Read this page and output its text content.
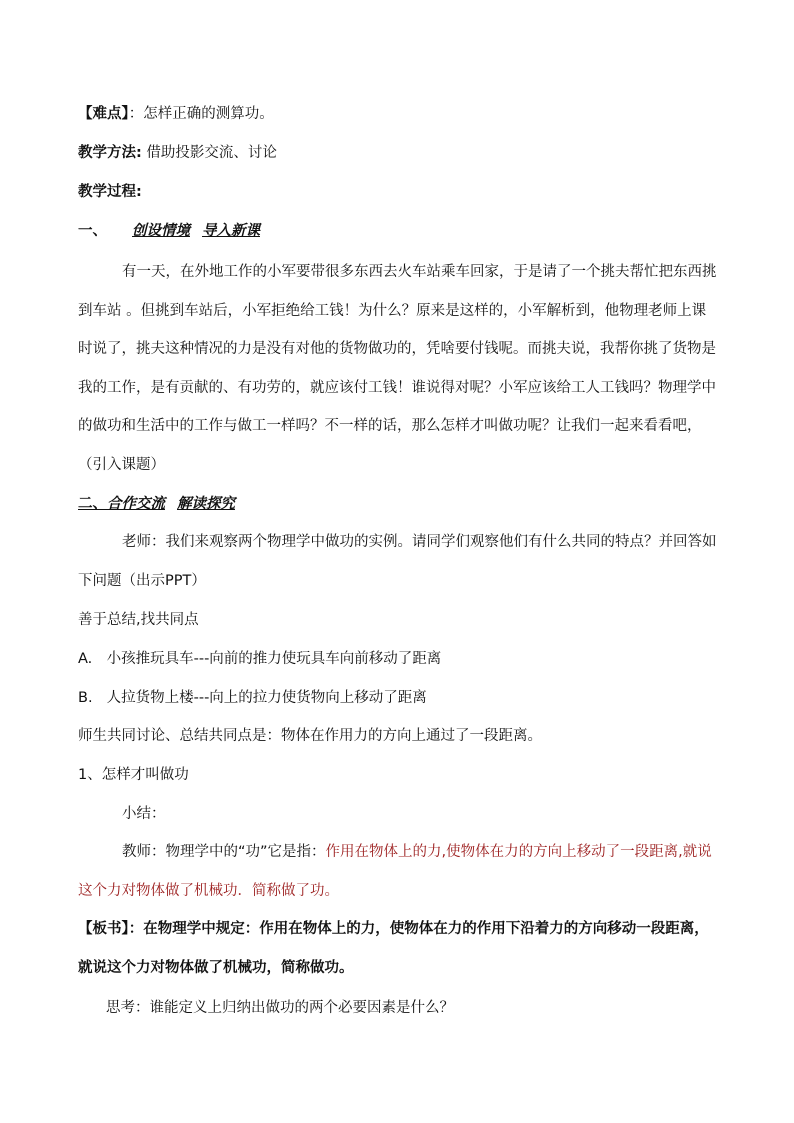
【难点】：怎样正确的测算功。
教学方法: 借助投影交流、讨论
教学过程:
一、 创设情境 导入新课
有一天，在外地工作的小军要带很多东西去火车站乘车回家，于是请了一个挑夫帮忙把东西挑到车站 。但挑到车站后，小军拒绝给工钱！为什么？原来是这样的，小军解析到，他物理老师上课时说了，挑夫这种情况的力是没有对他的货物做功的，凭啥要付钱呢。而挑夫说，我帮你挑了货物是我的工作，是有贡献的、有功劳的，就应该付工钱！谁说得对呢？小军应该给工人工钱吗？物理学中的做功和生活中的工作与做工一样吗？不一样的话，那么怎样才叫做功呢？让我们一起来看看吧，（引入课题）
二、合作交流 解读探究
老师：我们来观察两个物理学中做功的实例。请同学们观察他们有什么共同的特点？并回答如下问题（出示PPT）
善于总结,找共同点
A. 小孩推玩具车---向前的推力使玩具车向前移动了距离
B. 人拉货物上楼---向上的拉力使货物向上移动了距离
师生共同讨论、总结共同点是：物体在作用力的方向上通过了一段距离。
1、怎样才叫做功
小结：
教师：物理学中的“功”它是指：作用在物体上的力,使物体在力的方向上移动了一段距离,就说这个力对物体做了机械功．简称做了功。
【板书】：在物理学中规定：作用在物体上的力，使物体在力的作用下沿着力的方向移动一段距离，就说这个力对物体做了机械功，简称做功。
思考：谁能定义上归纳出做功的两个必要因素是什么？
